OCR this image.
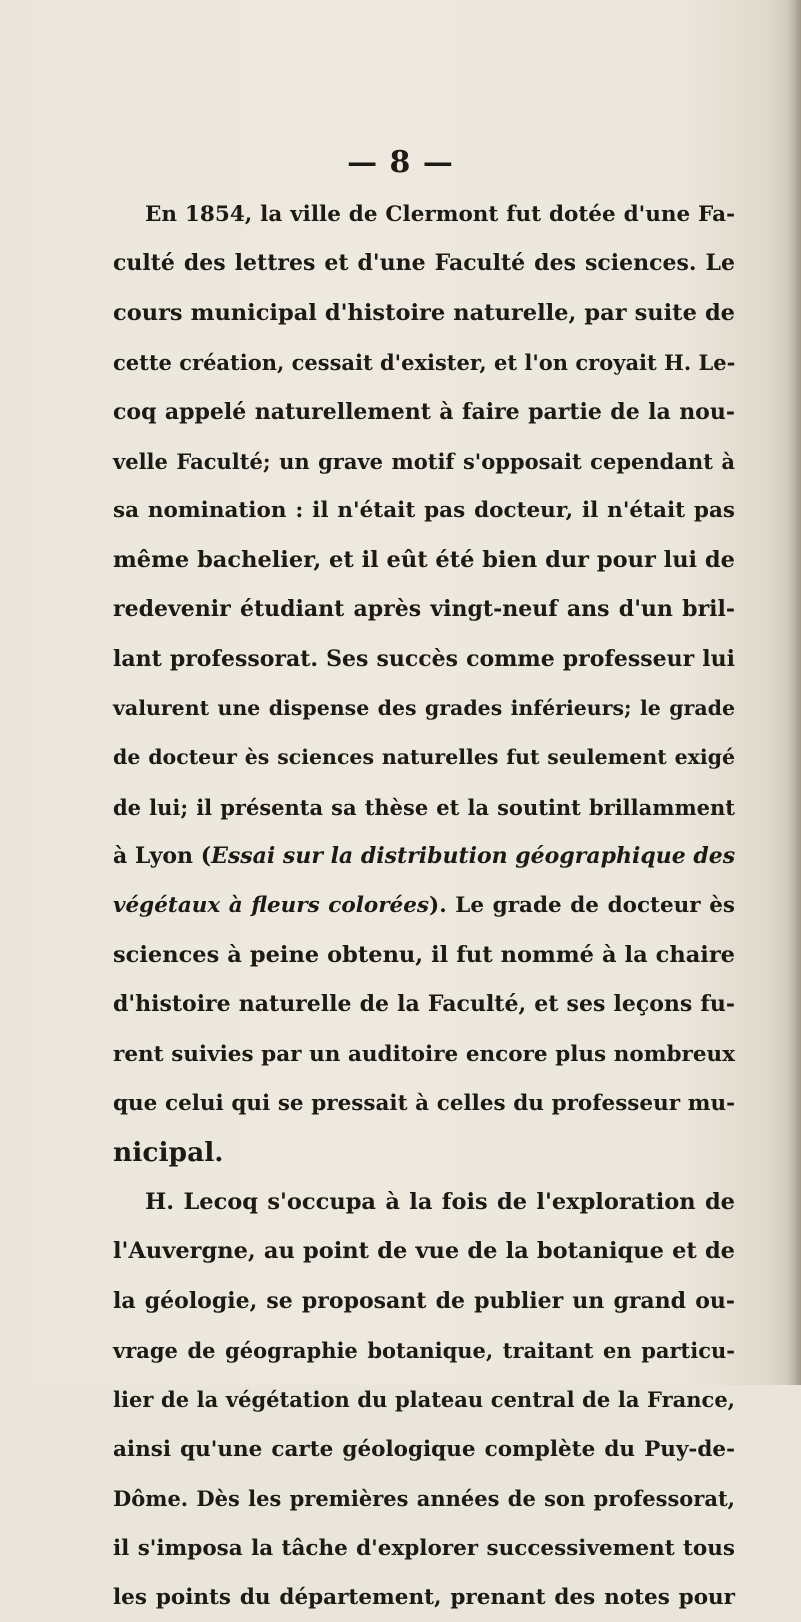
— 8 —
En 1854, la ville de Clermont fut dotée d'une Fa-
culté des lettres et d'une Faculté des sciences. Le
cours municipal d'histoire naturelle, par suite de
cette création, cessait d'exister, et l'on croyait H. Le-
coq appelé naturellement à faire partie de la nou-
velle Faculté; un grave motif s'opposait cependant à
sa nomination : il n'était pas docteur, il n'était pas
même bachelier, et il eût été bien dur pour lui de
redevenir étudiant après vingt-neuf ans d'un bril-
lant professorat. Ses succès comme professeur lui
valurent une dispense des grades inférieurs; le grade
de docteur ès sciences naturelles fut seulement exigé
de lui; il présenta sa thèse et la soutint brillamment
à Lyon (Essai sur la distribution géographique des
végétaux à fleurs colorées). Le grade de docteur ès
sciences à peine obtenu, il fut nommé à la chaire
d'histoire naturelle de la Faculté, et ses leçons fu-
rent suivies par un auditoire encore plus nombreux
que celui qui se pressait à celles du professeur mu-
nicipal.
H. Lecoq s'occupa à la fois de l'exploration de
l'Auvergne, au point de vue de la botanique et de
la géologie, se proposant de publier un grand ou-
vrage de géographie botanique, traitant en particu-
lier de la végétation du plateau central de la France,
ainsi qu'une carte géologique complète du Puy-de-
Dôme. Dès les premières années de son professorat,
il s'imposa la tâche d'explorer successivement tous
les points du département, prenant des notes pour
